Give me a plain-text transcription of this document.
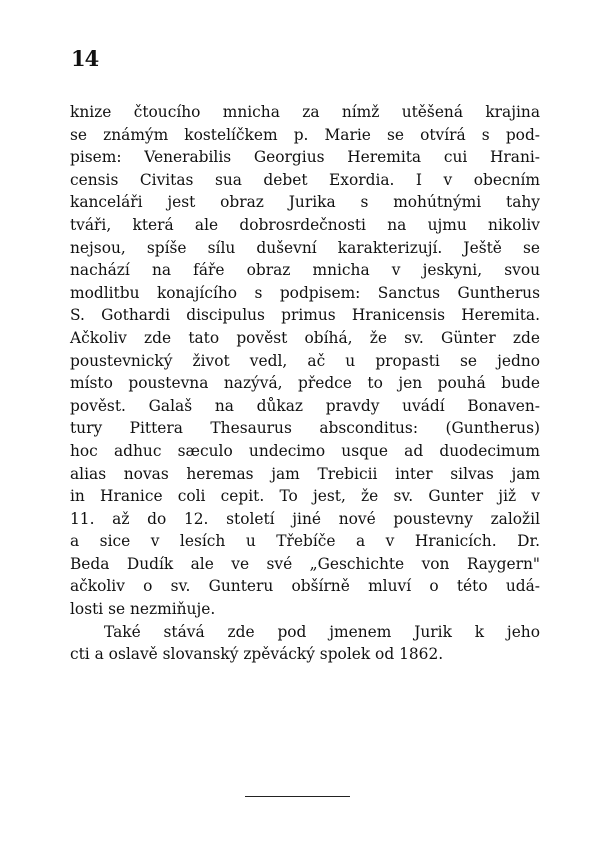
14
knize čtoucího mnicha za nímž utěšená krajina
se známým kostelíčkem p. Marie se otvírá s pod-
pisem: Venerabilis Georgius Heremita cui Hrani-
censis Civitas sua debet Exordia. I v obecním
kanceláři jest obraz Jurika s mohútnými tahy
tváři, která ale dobrosrdečnosti na ujmu nikoliv
nejsou, spíše sílu duševní karakterizují. Ještě se
nachází na fáře obraz mnicha v jeskyni, svou
modlitbu konajícího s podpisem: Sanctus Guntherus
S. Gothardi discipulus primus Hranicensis Heremita.
Ačkoliv zde tato pověst obíhá, že sv. Günter zde
poustevnický život vedl, ač u propasti se jedno
místo poustevna nazývá, předce to jen pouhá bude
pověst. Galaš na důkaz pravdy uvádí Bonaven-
tury Pittera Thesaurus absconditus: (Guntherus)
hoc adhuc sæculo undecimo usque ad duodecimum
alias novas heremas jam Trebicii inter silvas jam
in Hranice coli cepit. To jest, že sv. Gunter již v
11. až do 12. století jiné nové poustevny založil
a sice v lesích u Třebíče a v Hranicích. Dr.
Beda Dudík ale ve své „Geschichte von Raygern"
ačkoliv o sv. Gunteru obšírně mluví o této udá-
losti se nezmiňuje.
Také stává zde pod jmenem Jurik k jeho
cti a oslavě slovanský zpěvácký spolek od 1862.
